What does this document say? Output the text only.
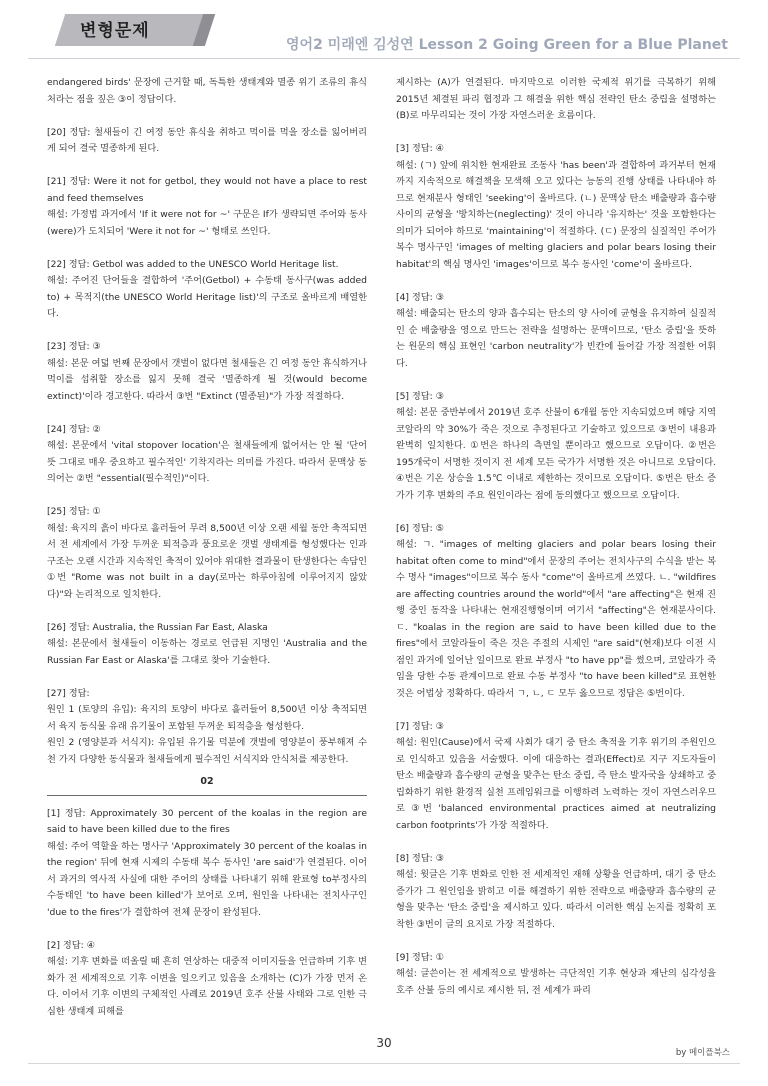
변형문제
영어2 미래엔 김성연 Lesson 2 Going Green for a Blue Planet

endangered birds' 문장에 근거할 때, 독특한 생태계와 멸종 위기 조류의 휴식처라는 점을 짚은 ③이 정답이다.

[20] 정답: 철새들이 긴 여정 동안 휴식을 취하고 먹이를 먹을 장소를 잃어버리게 되어 결국 멸종하게 된다.

[21] 정답: Were it not for getbol, they would not have a place to rest and feed themselves
해설: 가정법 과거에서 'If it were not for ~' 구문은 If가 생략되면 주어와 동사(were)가 도치되어 'Were it not for ~' 형태로 쓰인다.

[22] 정답: Getbol was added to the UNESCO World Heritage list.
해설: 주어진 단어들을 결합하여 '주어(Getbol) + 수동태 동사구(was added to) + 목적지(the UNESCO World Heritage list)'의 구조로 올바르게 배열한다.

[23] 정답: ③
해설: 본문 여덟 번째 문장에서 갯벌이 없다면 철새들은 긴 여정 동안 휴식하거나 먹이를 섭취할 장소를 잃지 못해 결국 '멸종하게 될 것(would become extinct)'이라 경고한다. 따라서 ③번 "Extinct (멸종된)"가 가장 적절하다.

[24] 정답: ②
해설: 본문에서 'vital stopover location'은 철새들에게 없어서는 안 될 '단어 뜻 그대로 매우 중요하고 필수적인' 기착지라는 의미를 가진다. 따라서 문맥상 동의어는 ②번 "essential(필수적인)"이다.

[25] 정답: ①
해설: 육지의 흙이 바다로 흘러들어 무려 8,500년 이상 오랜 세월 동안 축적되면서 전 세계에서 가장 두꺼운 퇴적층과 풍요로운 갯벌 생태계를 형성했다는 인과 구조는 오랜 시간과 지속적인 축적이 있어야 위대한 결과물이 탄생한다는 속담인 ①번 "Rome was not built in a day(로마는 하루아침에 이루어지지 않았다)"와 논리적으로 일치한다.

[26] 정답: Australia, the Russian Far East, Alaska
해설: 본문에서 철새들이 이동하는 경로로 언급된 지명인 'Australia and the Russian Far East or Alaska'를 그대로 찾아 기술한다.

[27] 정답:
원인 1 (토양의 유입): 육지의 토양이 바다로 흘러들어 8,500년 이상 축적되면서 육지 동식물 유래 유기물이 포함된 두꺼운 퇴적층을 형성한다.
원인 2 (영양분과 서식지): 유입된 유기물 덕분에 갯벌에 영양분이 풍부해져 수천 가지 다양한 동식물과 철새들에게 필수적인 서식지와 안식처를 제공한다.

02

[1] 정답: Approximately 30 percent of the koalas in the region are said to have been killed due to the fires
해설: 주어 역할을 하는 명사구 'Approximately 30 percent of the koalas in the region' 뒤에 현재 시제의 수동태 복수 동사인 'are said'가 연결된다. 이어서 과거의 역사적 사실에 대한 주어의 상태를 나타내기 위해 완료형 to부정사의 수동태인 'to have been killed'가 보어로 오며, 원인을 나타내는 전치사구인 'due to the fires'가 결합하여 전체 문장이 완성된다.

[2] 정답: ④
해설: 기후 변화를 떠올릴 때 흔히 연상하는 대중적 이미지들을 언급하며 기후 변화가 전 세계적으로 기후 이변을 일으키고 있음을 소개하는 (C)가 가장 먼저 온다. 이어서 기후 이변의 구체적인 사례로 2019년 호주 산불 사태와 그로 인한 극심한 생태계 피해를

제시하는 (A)가 연결된다. 마지막으로 이러한 국제적 위기를 극복하기 위해 2015년 체결된 파리 협정과 그 해결을 위한 핵심 전략인 탄소 중립을 설명하는 (B)로 마무리되는 것이 가장 자연스러운 흐름이다.

[3] 정답: ④
해설: (ㄱ) 앞에 위치한 현재완료 조동사 'has been'과 결합하여 과거부터 현재까지 지속적으로 해결책을 모색해 오고 있다는 능동의 진행 상태를 나타내야 하므로 현재분사 형태인 'seeking'이 올바르다. (ㄴ) 문맥상 탄소 배출량과 흡수량 사이의 균형을 '방치하는(neglecting)' 것이 아니라 '유지하는' 것을 포함한다는 의미가 되어야 하므로 'maintaining'이 적절하다. (ㄷ) 문장의 실질적인 주어가 복수 명사구인 'images of melting glaciers and polar bears losing their habitat'의 핵심 명사인 'images'이므로 복수 동사인 'come'이 올바르다.

[4] 정답: ③
해설: 배출되는 탄소의 양과 흡수되는 탄소의 양 사이에 균형을 유지하여 실질적인 순 배출량을 영으로 만드는 전략을 설명하는 문맥이므로, '탄소 중립'을 뜻하는 원문의 핵심 표현인 'carbon neutrality'가 빈칸에 들어갈 가장 적절한 어휘다.

[5] 정답: ③
해설: 본문 중반부에서 2019년 호주 산불이 6개월 동안 지속되었으며 해당 지역 코알라의 약 30%가 죽은 것으로 추정된다고 기술하고 있으므로 ③번이 내용과 완벽히 일치한다. ①번은 하나의 측면일 뿐이라고 했으므로 오답이다. ②번은 195개국이 서명한 것이지 전 세계 모든 국가가 서명한 것은 아니므로 오답이다. ④번은 기온 상승을 1.5℃ 이내로 제한하는 것이므로 오답이다. ⑤번은 탄소 증가가 기후 변화의 주요 원인이라는 점에 동의했다고 했으므로 오답이다.

[6] 정답: ⑤
해설: ㄱ. "images of melting glaciers and polar bears losing their habitat often come to mind"에서 문장의 주어는 전치사구의 수식을 받는 복수 명사 "images"이므로 복수 동사 "come"이 올바르게 쓰였다. ㄴ. "wildfires are affecting countries around the world"에서 "are affecting"은 현재 진행 중인 동작을 나타내는 현재진행형이며 여기서 "affecting"은 현재분사이다. ㄷ. "koalas in the region are said to have been killed due to the fires"에서 코알라들이 죽은 것은 주절의 시제인 "are said"(현재)보다 이전 시점인 과거에 일어난 일이므로 완료 부정사 "to have pp"를 썼으며, 코알라가 죽임을 당한 수동 관계이므로 완료 수동 부정사 "to have been killed"로 표현한 것은 어법상 정확하다. 따라서 ㄱ, ㄴ, ㄷ 모두 옳으므로 정답은 ⑤번이다.

[7] 정답: ③
해설: 원인(Cause)에서 국제 사회가 대기 중 탄소 축적을 기후 위기의 주원인으로 인식하고 있음을 서술했다. 이에 대응하는 결과(Effect)로 지구 지도자들이 탄소 배출량과 흡수량의 균형을 맞추는 탄소 중립, 즉 탄소 발자국을 상쇄하고 중립화하기 위한 환경적 실천 프레임워크를 이행하려 노력하는 것이 자연스러우므로 ③번 'balanced environmental practices aimed at neutralizing carbon footprints'가 가장 적절하다.

[8] 정답: ③
해설: 윗글은 기후 변화로 인한 전 세계적인 재해 상황을 언급하며, 대기 중 탄소 증가가 그 원인임을 밝히고 이를 해결하기 위한 전략으로 배출량과 흡수량의 균형을 맞추는 '탄소 중립'을 제시하고 있다. 따라서 이러한 핵심 논지를 정확히 포착한 ③번이 글의 요지로 가장 적절하다.

[9] 정답: ①
해설: 글쓴이는 전 세계적으로 발생하는 극단적인 기후 현상과 재난의 심각성을 호주 산불 등의 예시로 제시한 뒤, 전 세계가 파리

30
by 메이플북스
